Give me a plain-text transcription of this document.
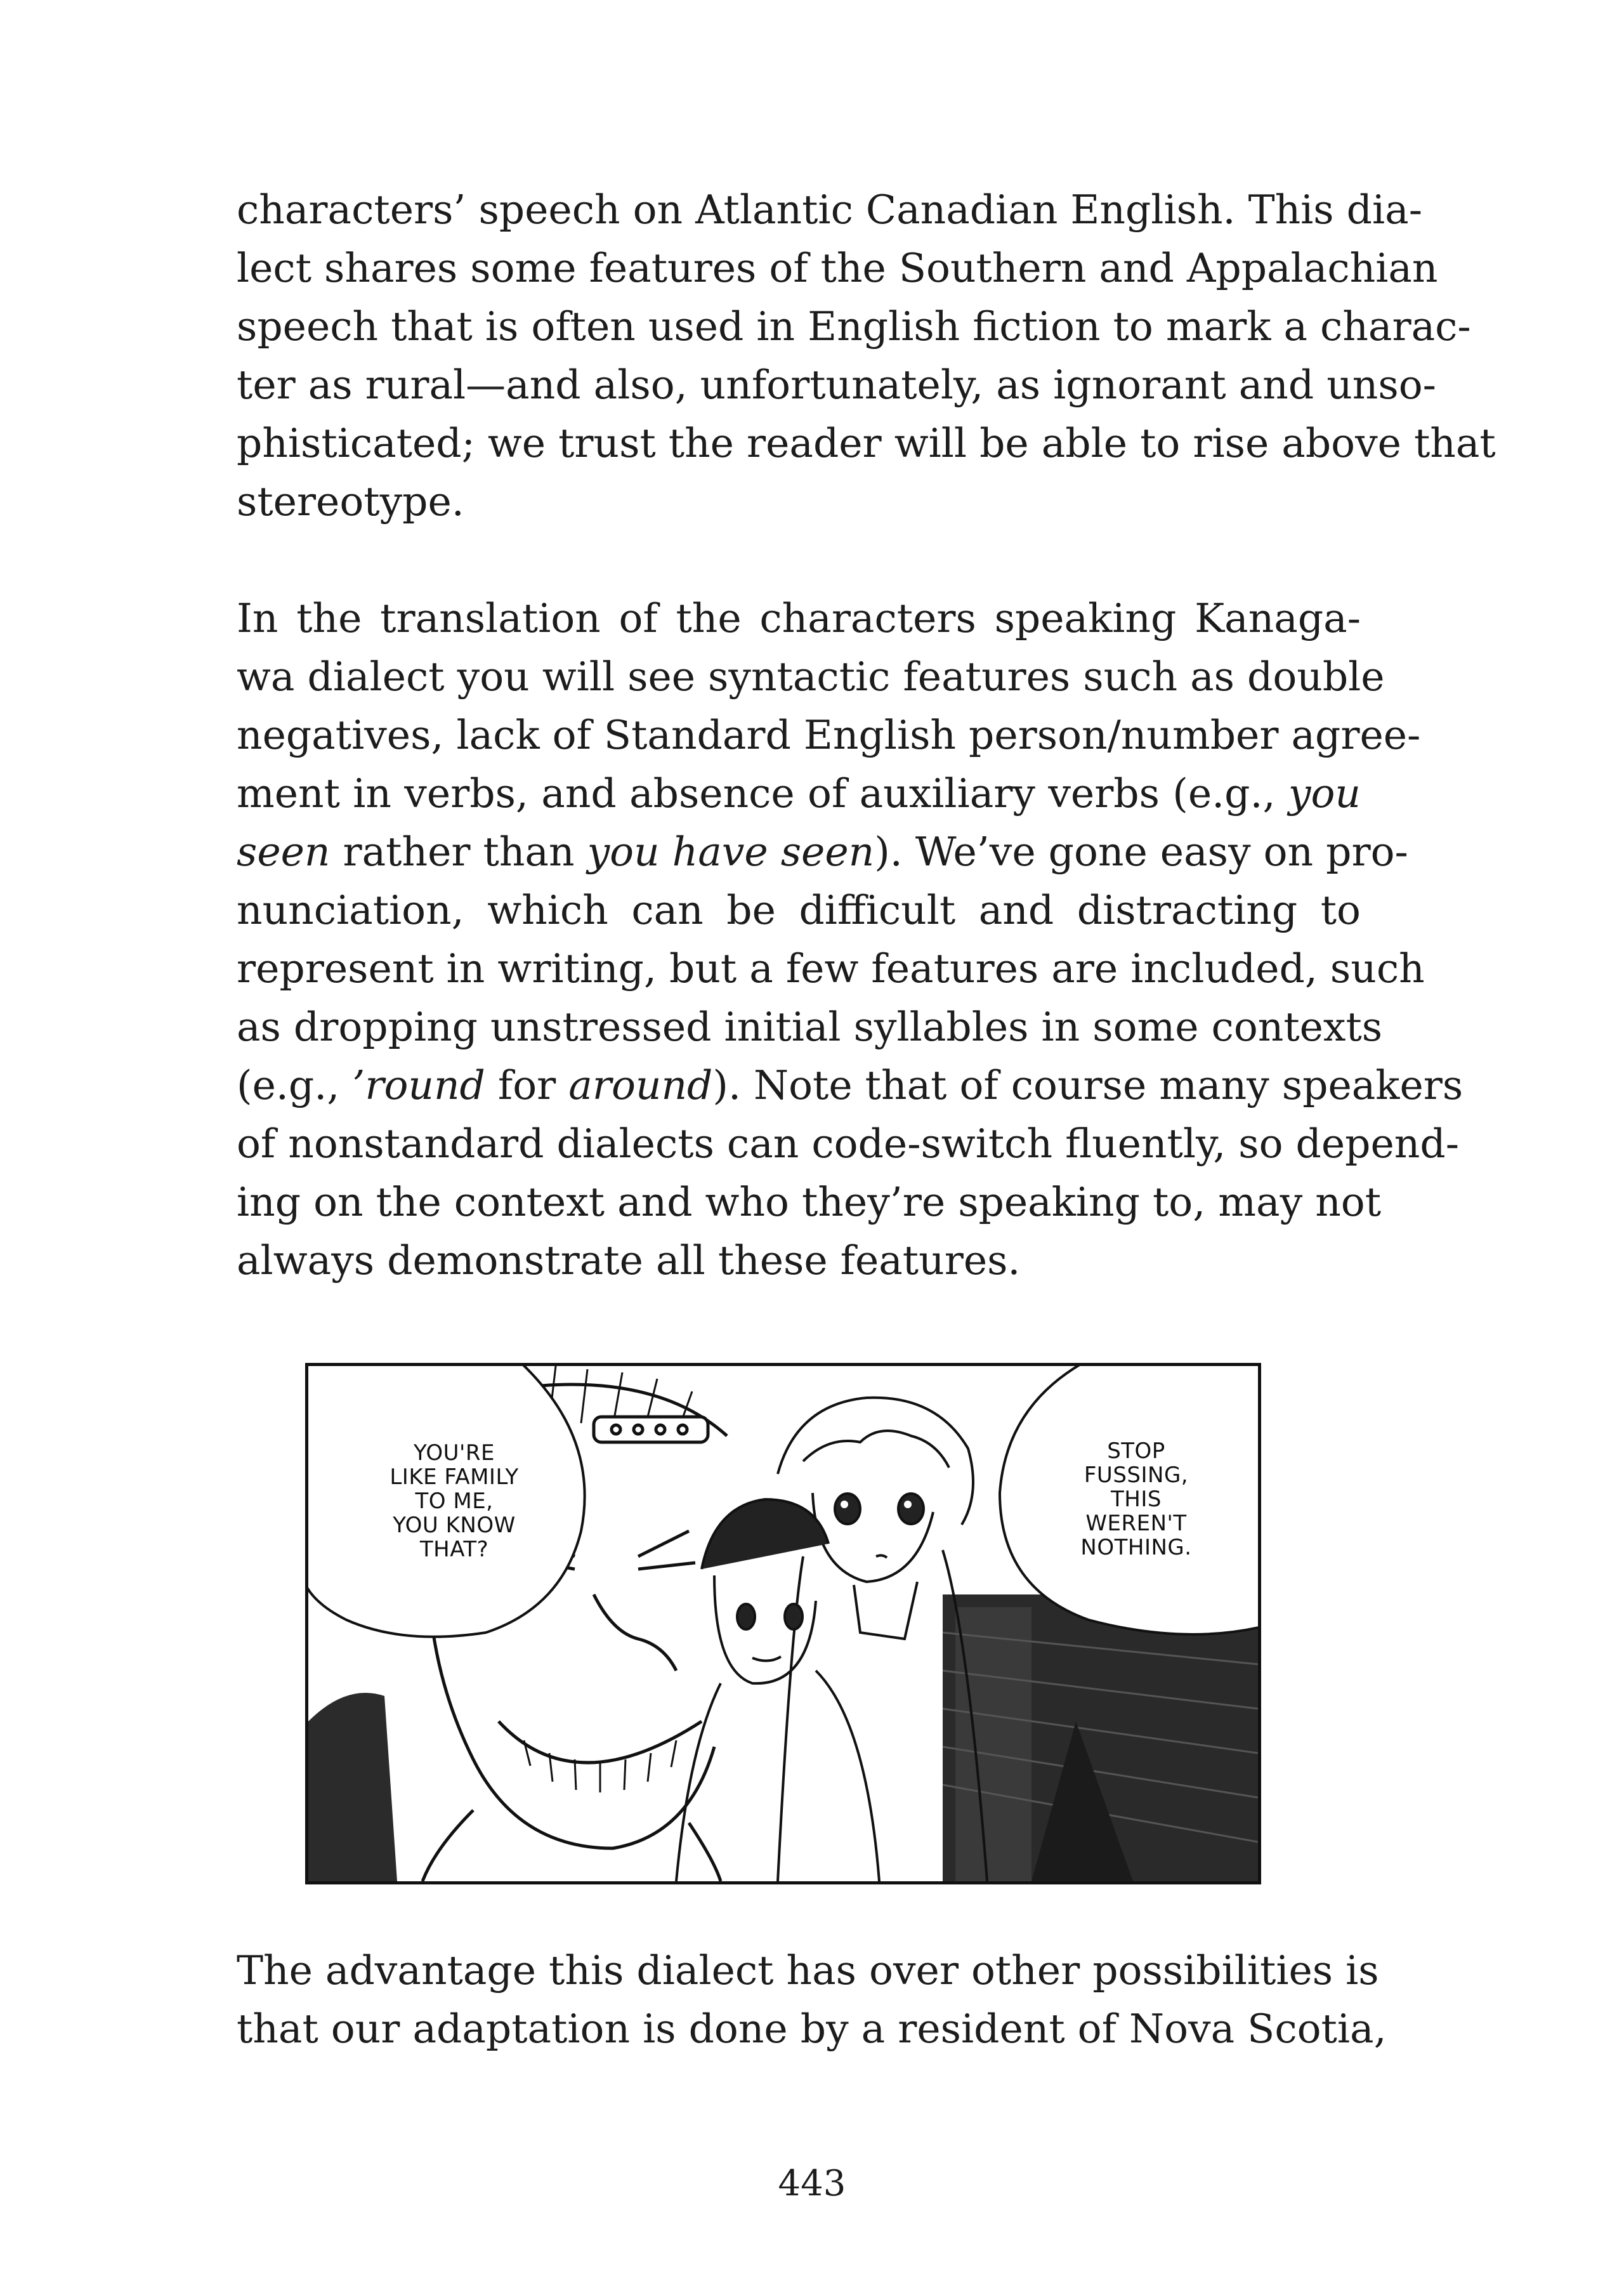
characters’ speech on Atlantic Canadian English. This dia-
lect shares some features of the Southern and Appalachian
speech that is often used in English fiction to mark a charac-
ter as rural—and also, unfortunately, as ignorant and unso-
phisticated; we trust the reader will be able to rise above that
stereotype.

In the translation of the characters speaking Kanaga-
wa dialect you will see syntactic features such as double
negatives, lack of Standard English person/number agree-
ment in verbs, and absence of auxiliary verbs (e.g., you
seen rather than you have seen). We’ve gone easy on pro-
nunciation, which can be difficult and distracting to
represent in writing, but a few features are included, such
as dropping unstressed initial syllables in some contexts
(e.g., ’round for around). Note that of course many speakers
of nonstandard dialects can code-switch fluently, so depend-
ing on the context and who they’re speaking to, may not
always demonstrate all these features.

YOU'RE
LIKE FAMILY
TO ME,
YOU KNOW
THAT?
STOP
FUSSING,
THIS
WEREN'T
NOTHING.

The advantage this dialect has over other possibilities is
that our adaptation is done by a resident of Nova Scotia,

443
